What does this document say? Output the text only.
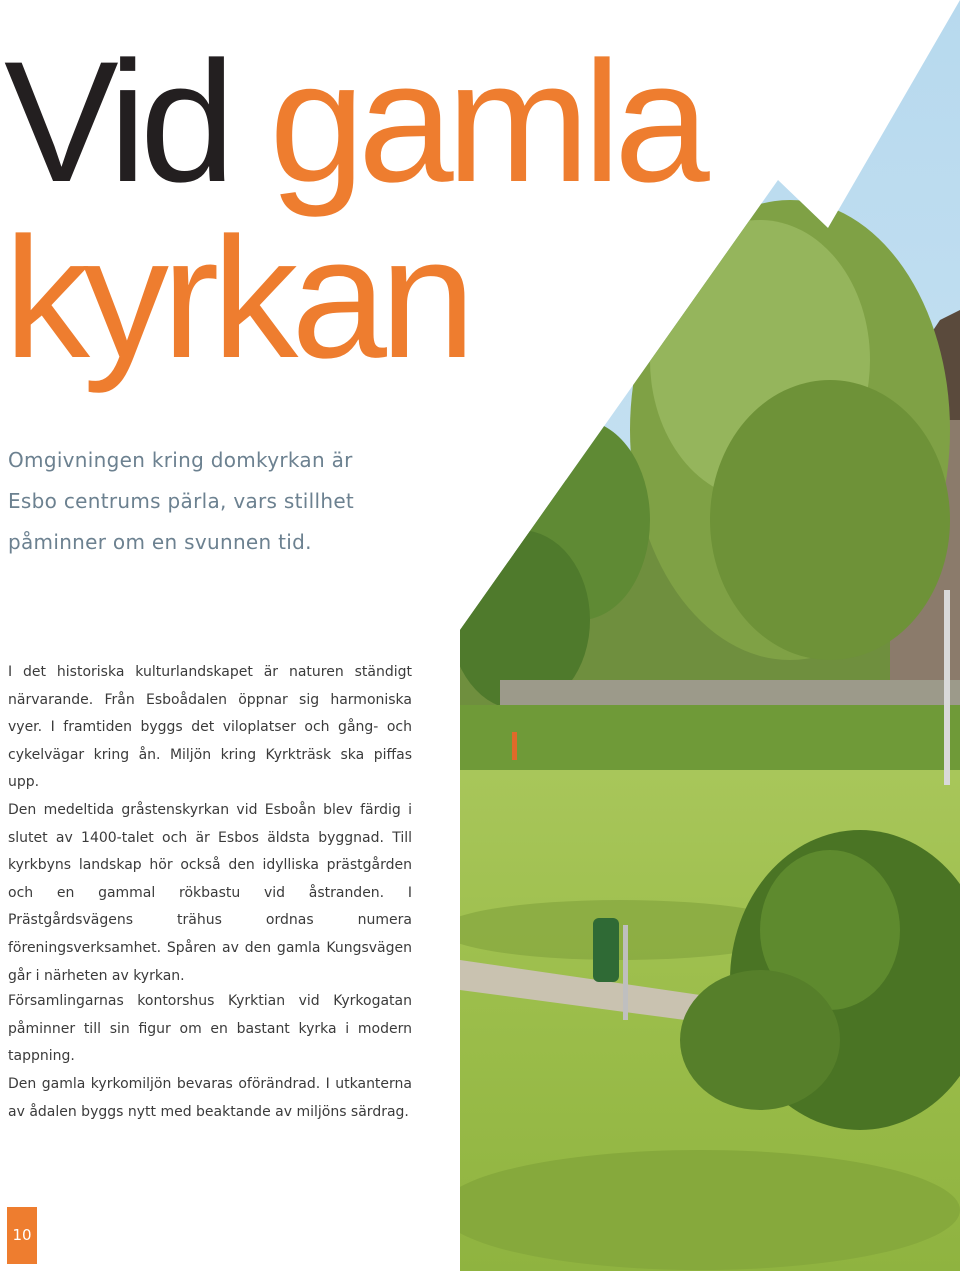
Vid gamla
kyrkan

Omgivningen kring domkyrkan är
Esbo centrums pärla, vars stillhet
påminner om en svunnen tid.

I det historiska kulturlandskapet är naturen ständigt närvarande. Från Esboådalen öppnar sig harmoniska vyer. I framtiden byggs det viloplatser och gång- och cykelvägar kring ån. Miljön kring Kyrkträsk ska piffas upp.

Den medeltida gråstenskyrkan vid Esboån blev färdig i slutet av 1400-talet och är Esbos äldsta byggnad. Till kyrkbyns landskap hör också den idylliska prästgården och en gammal rökbastu vid åstranden. I Prästgårdsvägens trähus ordnas numera föreningsverksamhet. Spåren av den gamla Kungsvägen går i närheten av kyrkan.

Församlingarnas kontorshus Kyrktian vid Kyrkogatan påminner till sin figur om en bastant kyrka i modern tappning.

Den gamla kyrkomiljön bevaras oförändrad. I utkanterna av ådalen byggs nytt med beaktande av miljöns särdrag.

10
